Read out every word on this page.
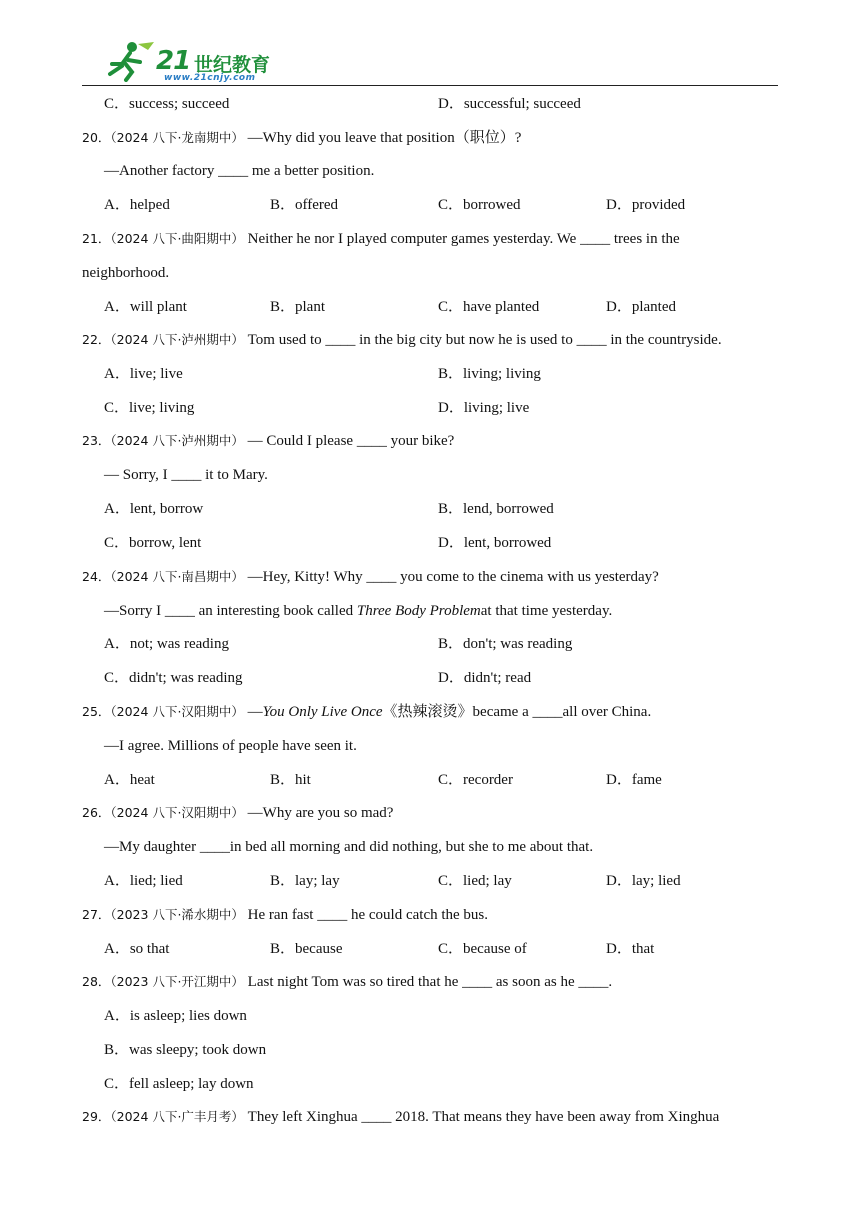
21 世纪教育
www.21cnjy.com
C．success; succeed	D．successful; succeed
20．（2024 八下·龙南期中） —Why did you leave that position（职位）?
—Another factory ____ me a better position.
A．helped	B．offered	C．borrowed	D．provided
21．（2024 八下·曲阳期中） Neither he nor I played computer games yesterday. We ____ trees in the
neighborhood.
A．will plant	B．plant	C．have planted	D．planted
22．（2024 八下·泸州期中） Tom used to ____ in the big city but now he is used to ____ in the countryside.
A．live; live	B．living; living
C．live; living	D．living; live
23．（2024 八下·泸州期中） — Could I please ____ your bike?
— Sorry, I ____ it to Mary.
A．lent, borrow	B．lend, borrowed
C．borrow, lent	D．lent, borrowed
24．（2024 八下·南昌期中） —Hey, Kitty! Why ____ you come to the cinema with us yesterday?
—Sorry I ____ an interesting book called Three Body Problemat that time yesterday.
A．not; was reading	B．don't; was reading
C．didn't; was reading	D．didn't; read
25．（2024 八下·汉阳期中） —You Only Live Once《热辣滚烫》became a ____all over China.
—I agree. Millions of people have seen it.
A．heat	B．hit	C．recorder	D．fame
26．（2024 八下·汉阳期中） —Why are you so mad?
—My daughter ____in bed all morning and did nothing, but she to me about that.
A．lied; lied	B．lay; lay	C．lied; lay	D．lay; lied
27．（2023 八下·浠水期中） He ran fast ____ he could catch the bus.
A．so that	B．because	C．because of	D．that
28．（2023 八下·开江期中） Last night Tom was so tired that he ____ as soon as he ____.
A．is asleep; lies down
B．was sleepy; took down
C．fell asleep; lay down
29．（2024 八下·广丰月考） They left Xinghua ____ 2018. That means they have been away from Xinghua
